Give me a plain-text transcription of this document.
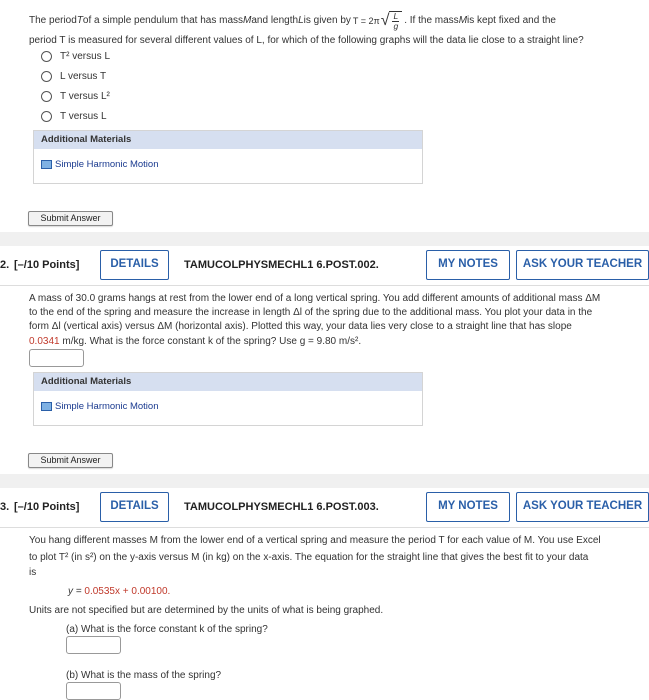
The period T of a simple pendulum that has mass M and length L is given by T = 2π √ $\frac{L}{g}$ . If the mass M is kept fixed and the
period T is measured for several different values of L, for which of the following graphs will the data lie close to a straight line?
T² versus L
L versus T
T versus L²
T versus L
Additional Materials
Simple Harmonic Motion
Submit Answer
2. [–/10 Points]	DETAILS	TAMUCOLPHYSMECHL1 6.POST.002.	MY NOTES	ASK YOUR TEACHER
A mass of 30.0 grams hangs at rest from the lower end of a long vertical spring. You add different amounts of additional mass ΔM
to the end of the spring and measure the increase in length Δl of the spring due to the additional mass. You plot your data in the
form Δl (vertical axis) versus ΔM (horizontal axis). Plotted this way, your data lies very close to a straight line that has slope
0.0341 m/kg. What is the force constant k of the spring? Use g = 9.80 m/s².
Additional Materials
Simple Harmonic Motion
Submit Answer
3. [–/10 Points]	DETAILS	TAMUCOLPHYSMECHL1 6.POST.003.	MY NOTES	ASK YOUR TEACHER
You hang different masses M from the lower end of a vertical spring and measure the period T for each value of M. You use Excel
to plot T² (in s²) on the y-axis versus M (in kg) on the x-axis. The equation for the straight line that gives the best fit to your data
is
y = 0.0535x + 0.00100.
Units are not specified but are determined by the units of what is being graphed.
(a) What is the force constant k of the spring?
(b) What is the mass of the spring?
